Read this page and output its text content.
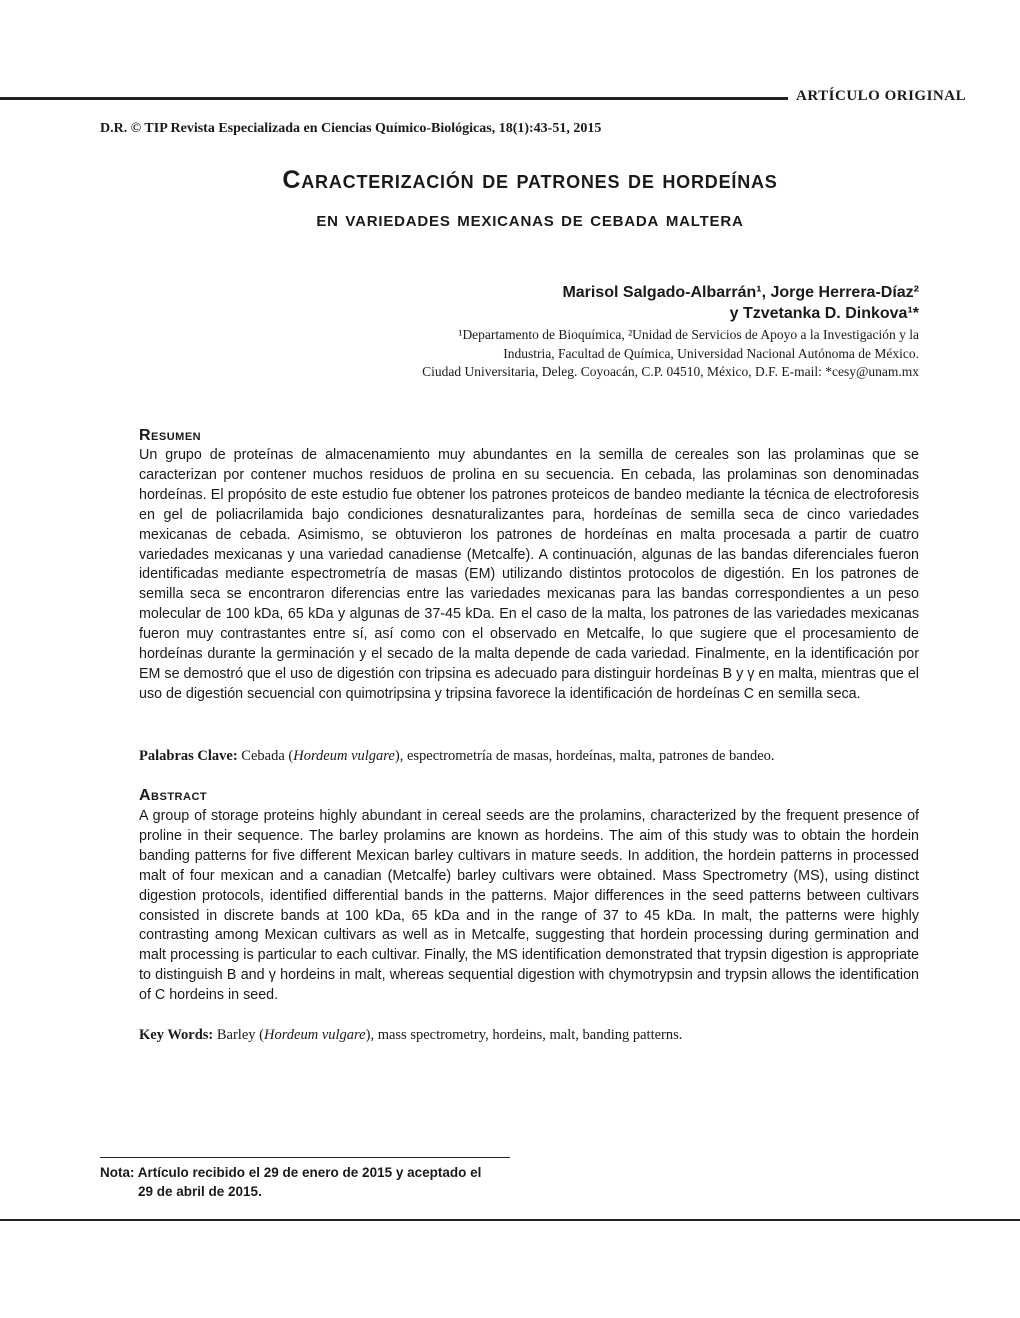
ARTÍCULO ORIGINAL
D.R. © TIP Revista Especializada en Ciencias Químico-Biológicas, 18(1):43-51, 2015
Caracterización de patrones de hordeínas
en variedades mexicanas de cebada maltera
Marisol Salgado-Albarrán¹, Jorge Herrera-Díaz²
y Tzvetanka D. Dinkova¹*
¹Departamento de Bioquímica, ²Unidad de Servicios de Apoyo a la Investigación y la
Industria, Facultad de Química, Universidad Nacional Autónoma de México.
Ciudad Universitaria, Deleg. Coyoacán, C.P. 04510, México, D.F. E-mail: *cesy@unam.mx
Resumen
Un grupo de proteínas de almacenamiento muy abundantes en la semilla de cereales son las prolaminas que se caracterizan por contener muchos residuos de prolina en su secuencia. En cebada, las prolaminas son denominadas hordeínas. El propósito de este estudio fue obtener los patrones proteicos de bandeo mediante la técnica de electroforesis en gel de poliacrilamida bajo condiciones desnaturalizantes para, hordeínas de semilla seca de cinco variedades mexicanas de cebada. Asimismo, se obtuvieron los patrones de hordeínas en malta procesada a partir de cuatro variedades mexicanas y una variedad canadiense (Metcalfe). A continuación, algunas de las bandas diferenciales fueron identificadas mediante espectrometría de masas (EM) utilizando distintos protocolos de digestión. En los patrones de semilla seca se encontraron diferencias entre las variedades mexicanas para las bandas correspondientes a un peso molecular de 100 kDa, 65 kDa y algunas de 37-45 kDa. En el caso de la malta, los patrones de las variedades mexicanas fueron muy contrastantes entre sí, así como con el observado en Metcalfe, lo que sugiere que el procesamiento de hordeínas durante la germinación y el secado de la malta depende de cada variedad. Finalmente, en la identificación por EM se demostró que el uso de digestión con tripsina es adecuado para distinguir hordeínas B y γ en malta, mientras que el uso de digestión secuencial con quimotripsina y tripsina favorece la identificación de hordeínas C en semilla seca.
Palabras Clave: Cebada (Hordeum vulgare), espectrometría de masas, hordeínas, malta, patrones de bandeo.
Abstract
A group of storage proteins highly abundant in cereal seeds are the prolamins, characterized by the frequent presence of proline in their sequence. The barley prolamins are known as hordeins. The aim of this study was to obtain the hordein banding patterns for five different Mexican barley cultivars in mature seeds. In addition, the hordein patterns in processed malt of four mexican and a canadian (Metcalfe) barley cultivars were obtained. Mass Spectrometry (MS), using distinct digestion protocols, identified differential bands in the patterns. Major differences in the seed patterns between cultivars consisted in discrete bands at 100 kDa, 65 kDa and in the range of 37 to 45 kDa. In malt, the patterns were highly contrasting among Mexican cultivars as well as in Metcalfe, suggesting that hordein processing during germination and malt processing is particular to each cultivar. Finally, the MS identification demonstrated that trypsin digestion is appropriate to distinguish B and γ hordeins in malt, whereas sequential digestion with chymotrypsin and trypsin allows the identification of C hordeins in seed.
Key Words: Barley (Hordeum vulgare), mass spectrometry, hordeins, malt, banding patterns.
Nota: Artículo recibido el 29 de enero de 2015 y aceptado el
29 de abril de 2015.
